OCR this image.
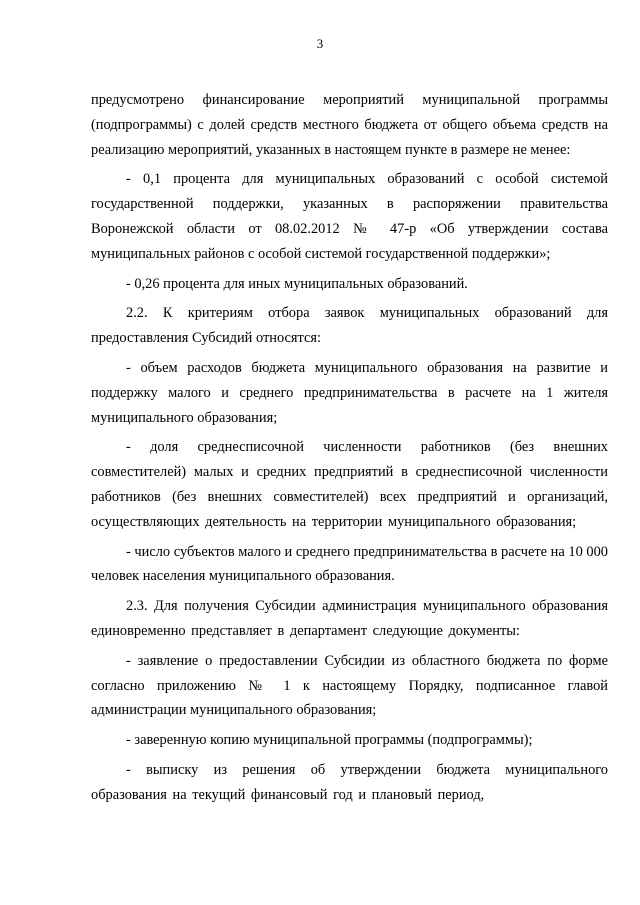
3

предусмотрено финансирование мероприятий муниципальной программы (подпрограммы) с долей средств местного бюджета от общего объема средств на реализацию мероприятий, указанных в настоящем пункте в размере не менее:

- 0,1 процента для муниципальных образований с особой системой государственной поддержки, указанных в распоряжении правительства Воронежской области от 08.02.2012 № 47-р «Об утверждении состава муниципальных районов с особой системой государственной поддержки»;

- 0,26 процента для иных муниципальных образований.

2.2. К критериям отбора заявок муниципальных образований для предоставления Субсидий относятся:

- объем расходов бюджета муниципального образования на развитие и поддержку малого и среднего предпринимательства в расчете на 1 жителя муниципального образования;

- доля среднесписочной численности работников (без внешних совместителей) малых и средних предприятий в среднесписочной численности работников (без внешних совместителей) всех предприятий и организаций, осуществляющих деятельность на территории муниципального образования;

- число субъектов малого и среднего предпринимательства в расчете на 10 000 человек населения муниципального образования.

2.3. Для получения Субсидии администрация муниципального образования единовременно представляет в департамент следующие документы:

- заявление о предоставлении Субсидии из областного бюджета по форме согласно приложению № 1 к настоящему Порядку, подписанное главой администрации муниципального образования;

- заверенную копию муниципальной программы (подпрограммы);

- выписку из решения об утверждении бюджета муниципального образования на текущий финансовый год и плановый период,
